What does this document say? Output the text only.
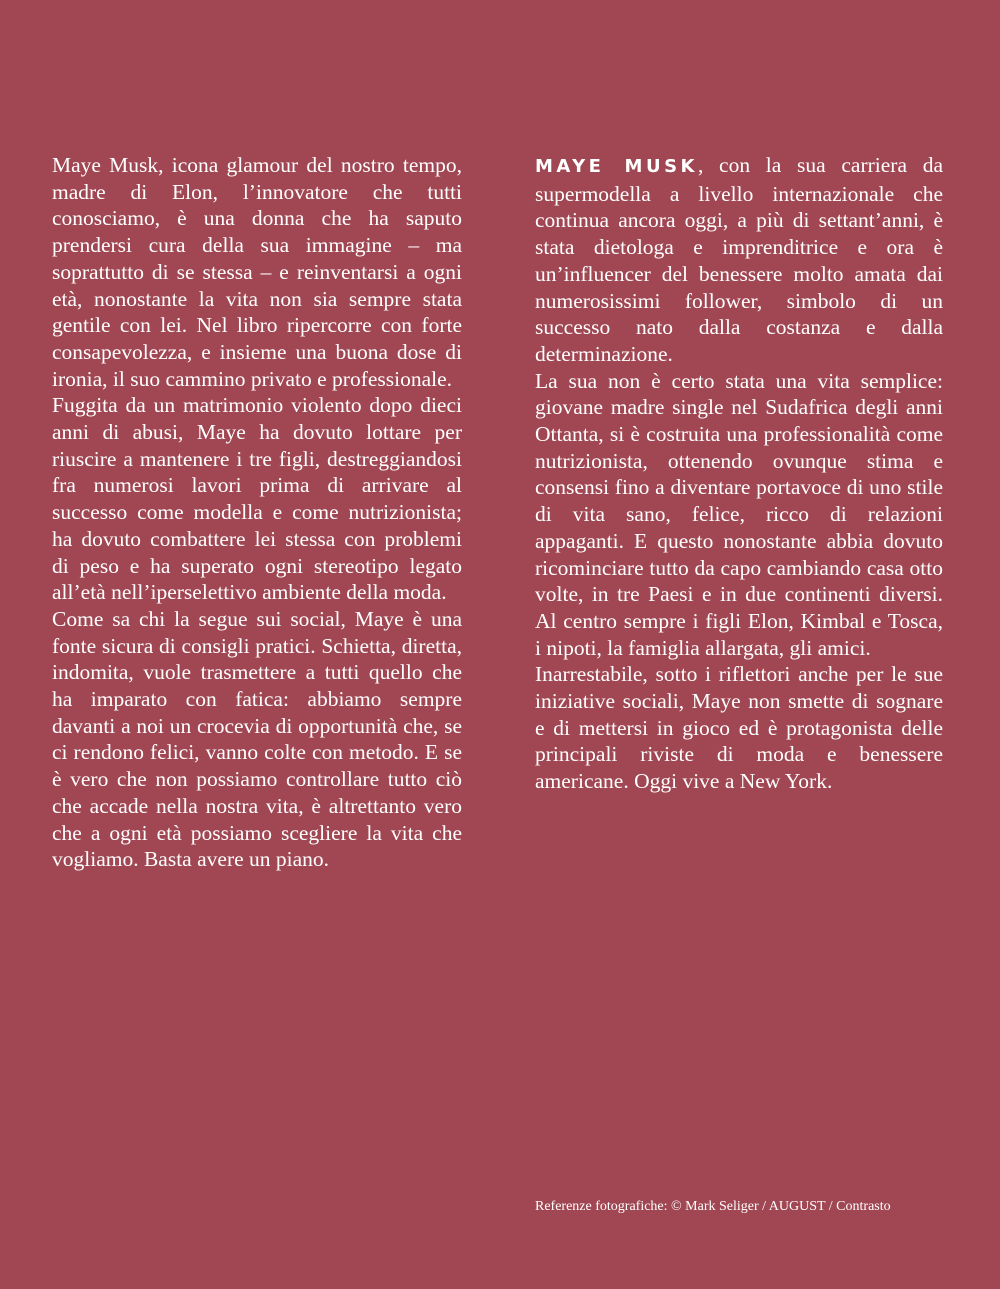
Maye Musk, icona glamour del nostro tempo, madre di Elon, l’innovatore che tutti conosciamo, è una donna che ha saputo prendersi cura della sua immagine – ma soprattutto di se stessa – e reinventarsi a ogni età, nonostante la vita non sia sempre stata gentile con lei. Nel libro ripercorre con forte consapevolezza, e insieme una buona dose di ironia, il suo cammino privato e professionale.

Fuggita da un matrimonio violento dopo dieci anni di abusi, Maye ha dovuto lottare per riuscire a mantenere i tre figli, destreggiandosi fra numerosi lavori prima di arrivare al successo come modella e come nutrizionista; ha dovuto combattere lei stessa con problemi di peso e ha superato ogni stereotipo legato all’età nell’iperselettivo ambiente della moda.

Come sa chi la segue sui social, Maye è una fonte sicura di consigli pratici. Schietta, diretta, indomita, vuole trasmettere a tutti quello che ha imparato con fatica: abbiamo sempre davanti a noi un crocevia di opportunità che, se ci rendono felici, vanno colte con metodo. E se è vero che non possiamo controllare tutto ciò che accade nella nostra vita, è altrettanto vero che a ogni età possiamo scegliere la vita che vogliamo. Basta avere un piano.

MAYE MUSK, con la sua carriera da supermodella a livello internazionale che continua ancora oggi, a più di settant’anni, è stata dietologa e imprenditrice e ora è un’influencer del benessere molto amata dai numerosissimi follower, simbolo di un successo nato dalla costanza e dalla determinazione.

La sua non è certo stata una vita semplice: giovane madre single nel Sudafrica degli anni Ottanta, si è costruita una professionalità come nutrizionista, ottenendo ovunque stima e consensi fino a diventare portavoce di uno stile di vita sano, felice, ricco di relazioni appaganti. E questo nonostante abbia dovuto ricominciare tutto da capo cambiando casa otto volte, in tre Paesi e in due continenti diversi. Al centro sempre i figli Elon, Kimbal e Tosca, i nipoti, la famiglia allargata, gli amici.

Inarrestabile, sotto i riflettori anche per le sue iniziative sociali, Maye non smette di sognare e di mettersi in gioco ed è protagonista delle principali riviste di moda e benessere americane. Oggi vive a New York.

Referenze fotografiche: © Mark Seliger / AUGUST / Contrasto
